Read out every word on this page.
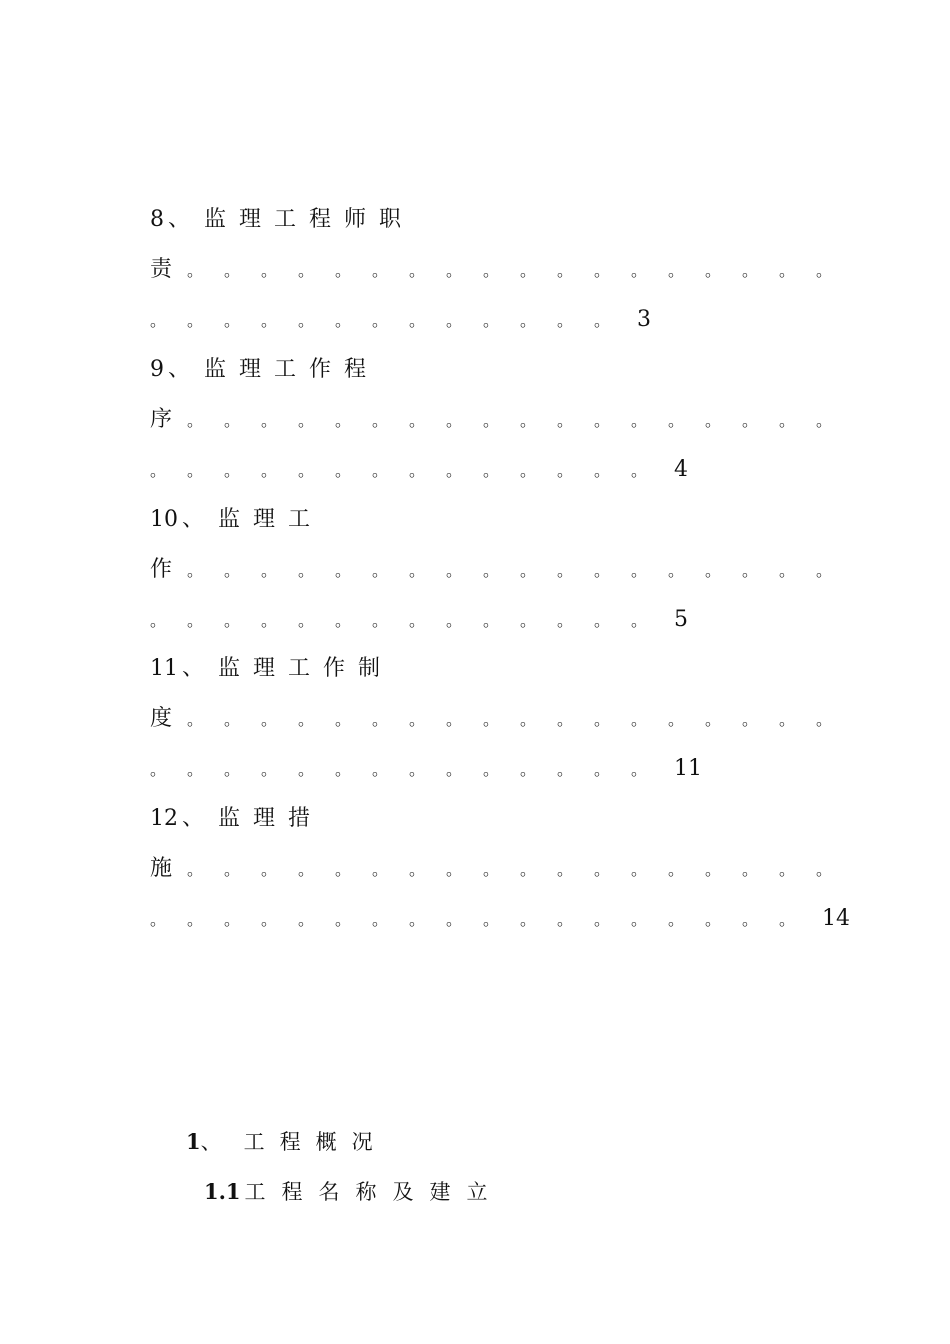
8 、 监理工程师职
责 。 。 。 。 。 。 。 。 。 。 。 。 。 。 。 。 。 。
。 。 。 。 。 。 。 。 。 。 。 。 。 3
9 、 监理工作程
序 。 。 。 。 。 。 。 。 。 。 。 。 。 。 。 。 。 。
。 。 。 。 。 。 。 。 。 。 。 。 。 。 4
10、 监理工
作 。 。 。 。 。 。 。 。 。 。 。 。 。 。 。 。 。 。
。 。 。 。 。 。 。 。 。 。 。 。 。 。 5
11、 监理工作制
度 。 。 。 。 。 。 。 。 。 。 。 。 。 。 。 。 。 。
。 。 。 。 。 。 。 。 。 。 。 。 。 。 11
12、 监理措
施 。 。 。 。 。 。 。 。 。 。 。 。 。 。 。 。 。 。
。 。 。 。 。 。 。 。 。 。 。 。 。 。 。 。 。 。 14
1、 工程概况
1.1 工程名称及建立
